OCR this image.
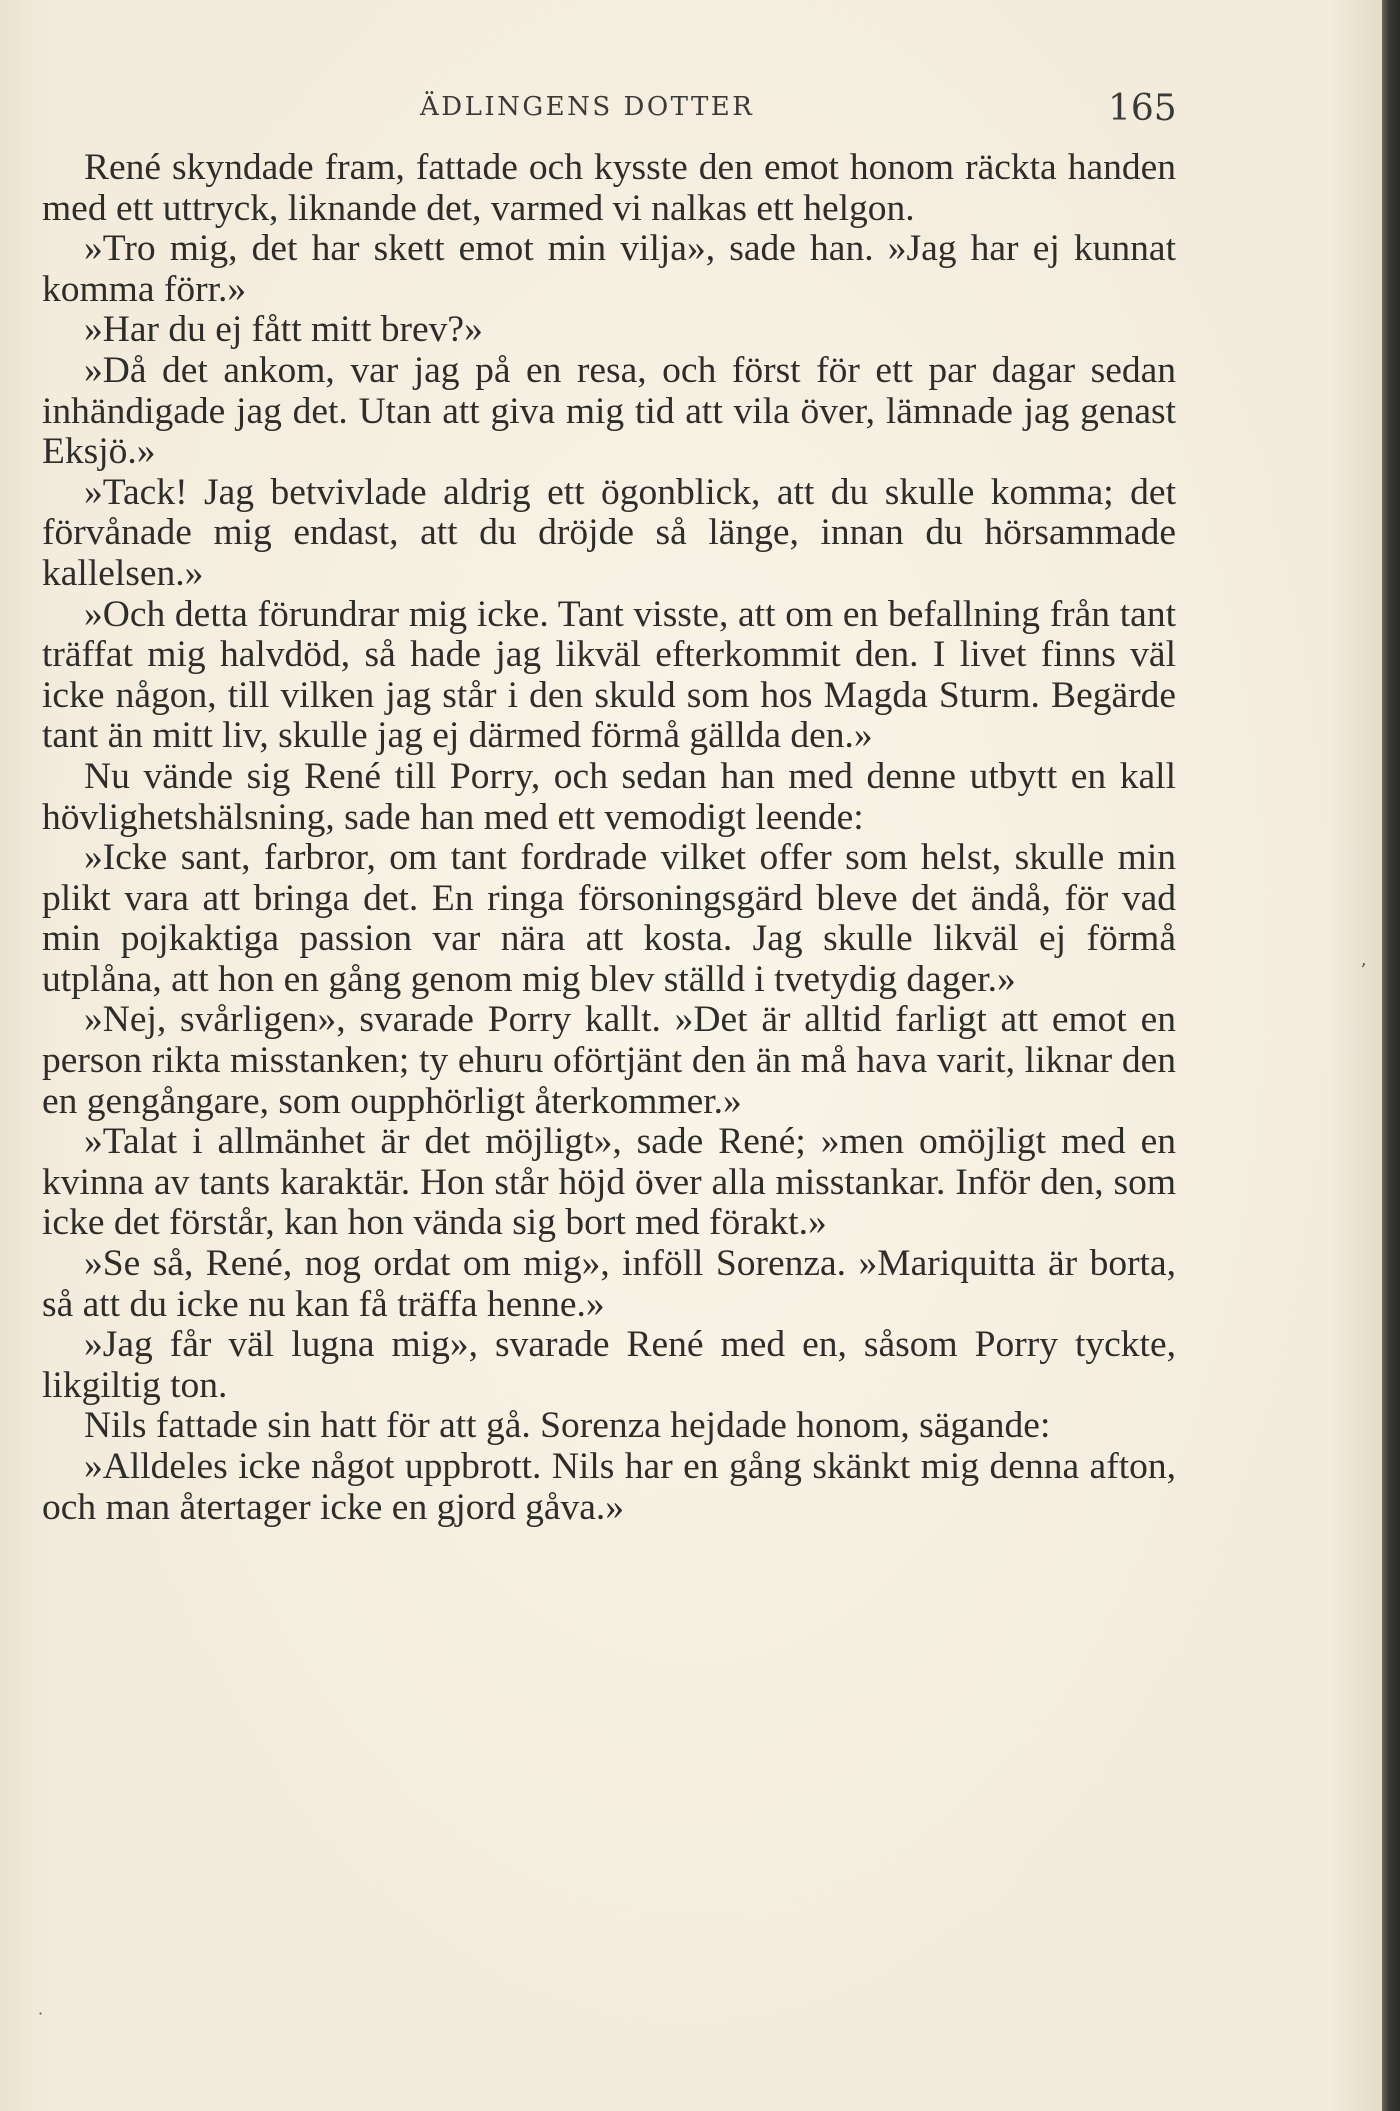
ÄDLINGENS DOTTER	165

René skyndade fram, fattade och kysste den emot honom räckta handen med ett uttryck, liknande det, varmed vi nalkas ett helgon.

»Tro mig, det har skett emot min vilja», sade han. »Jag har ej kunnat komma förr.»

»Har du ej fått mitt brev?»

»Då det ankom, var jag på en resa, och först för ett par dagar sedan inhändigade jag det. Utan att giva mig tid att vila över, lämnade jag genast Eksjö.»

»Tack! Jag betvivlade aldrig ett ögonblick, att du skulle komma; det förvånade mig endast, att du dröjde så länge, innan du hörsammade kallelsen.»

»Och detta förundrar mig icke. Tant visste, att om en befallning från tant träffat mig halvdöd, så hade jag likväl efterkommit den. I livet finns väl icke någon, till vilken jag står i den skuld som hos Magda Sturm. Begärde tant än mitt liv, skulle jag ej därmed förmå gällda den.»

Nu vände sig René till Porry, och sedan han med denne utbytt en kall hövlighetshälsning, sade han med ett vemodigt leende:

»Icke sant, farbror, om tant fordrade vilket offer som helst, skulle min plikt vara att bringa det. En ringa försoningsgärd bleve det ändå, för vad min pojkaktiga passion var nära att kosta. Jag skulle likväl ej förmå utplåna, att hon en gång genom mig blev ställd i tvetydig dager.»

»Nej, svårligen», svarade Porry kallt. »Det är alltid farligt att emot en person rikta misstanken; ty ehuru oförtjänt den än må hava varit, liknar den en gengångare, som oupphörligt återkommer.»

»Talat i allmänhet är det möjligt», sade René; »men omöjligt med en kvinna av tants karaktär. Hon står höjd över alla misstankar. Inför den, som icke det förstår, kan hon vända sig bort med förakt.»

»Se så, René, nog ordat om mig», inföll Sorenza. »Mariquitta är borta, så att du icke nu kan få träffa henne.»

»Jag får väl lugna mig», svarade René med en, såsom Porry tyckte, likgiltig ton.

Nils fattade sin hatt för att gå. Sorenza hejdade honom, sägande:

»Alldeles icke något uppbrott. Nils har en gång skänkt mig denna afton, och man återtager icke en gjord gåva.»

ʼ
˙
